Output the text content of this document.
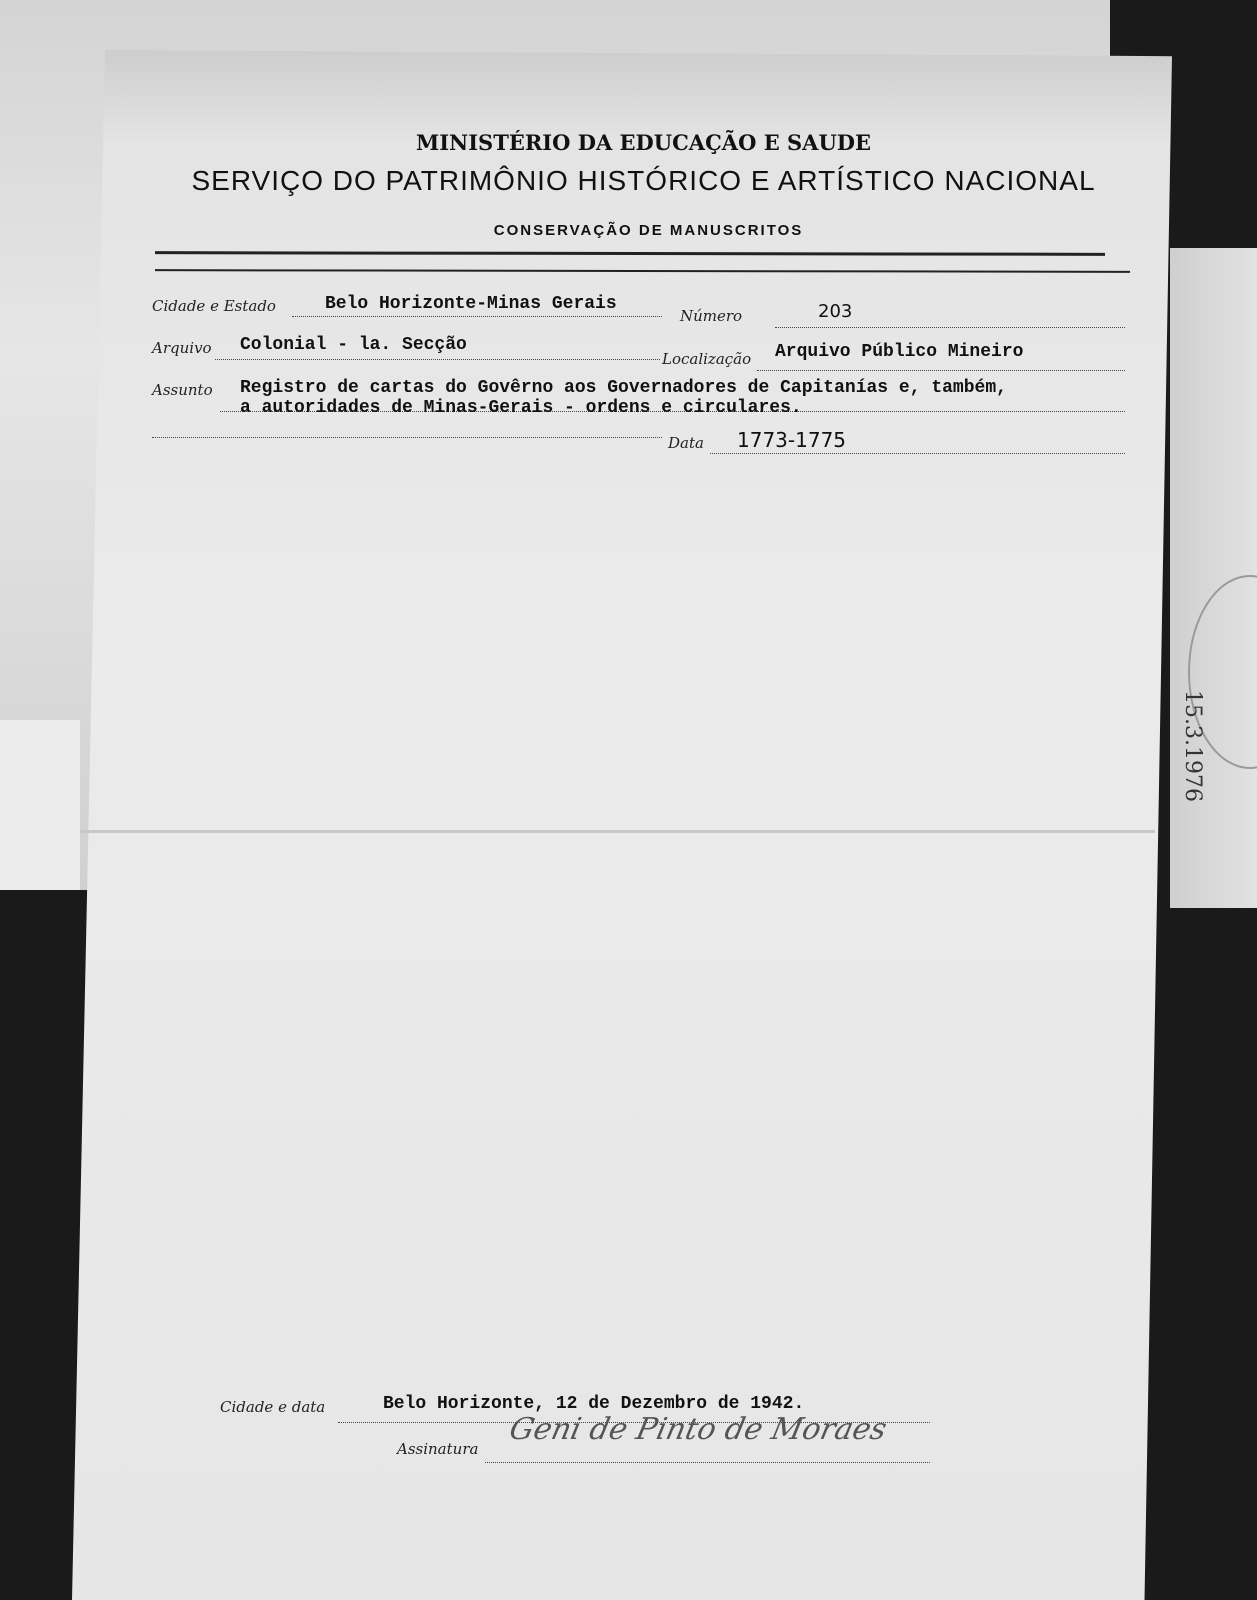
15.3.1976
MINISTÉRIO DA EDUCAÇÃO E SAUDE
SERVIÇO DO PATRIMÔNIO HISTÓRICO E ARTÍSTICO NACIONAL
CONSERVAÇÃO DE MANUSCRITOS
Cidade e Estado	Belo Horizonte-Minas Gerais
Número	203
Arquivo Colonial - la. Secção
Localização Arquivo Público Mineiro
Assunto Registro de cartas do Govêrno aos Governadores de Capitanías e, também,
a autoridades de Minas-Gerais - ordens e circulares.
Data 1773-1775
Cidade e data	Belo Horizonte, 12 de Dezembro de 1942.
Assinatura
Geni de Pinto de Moraes
